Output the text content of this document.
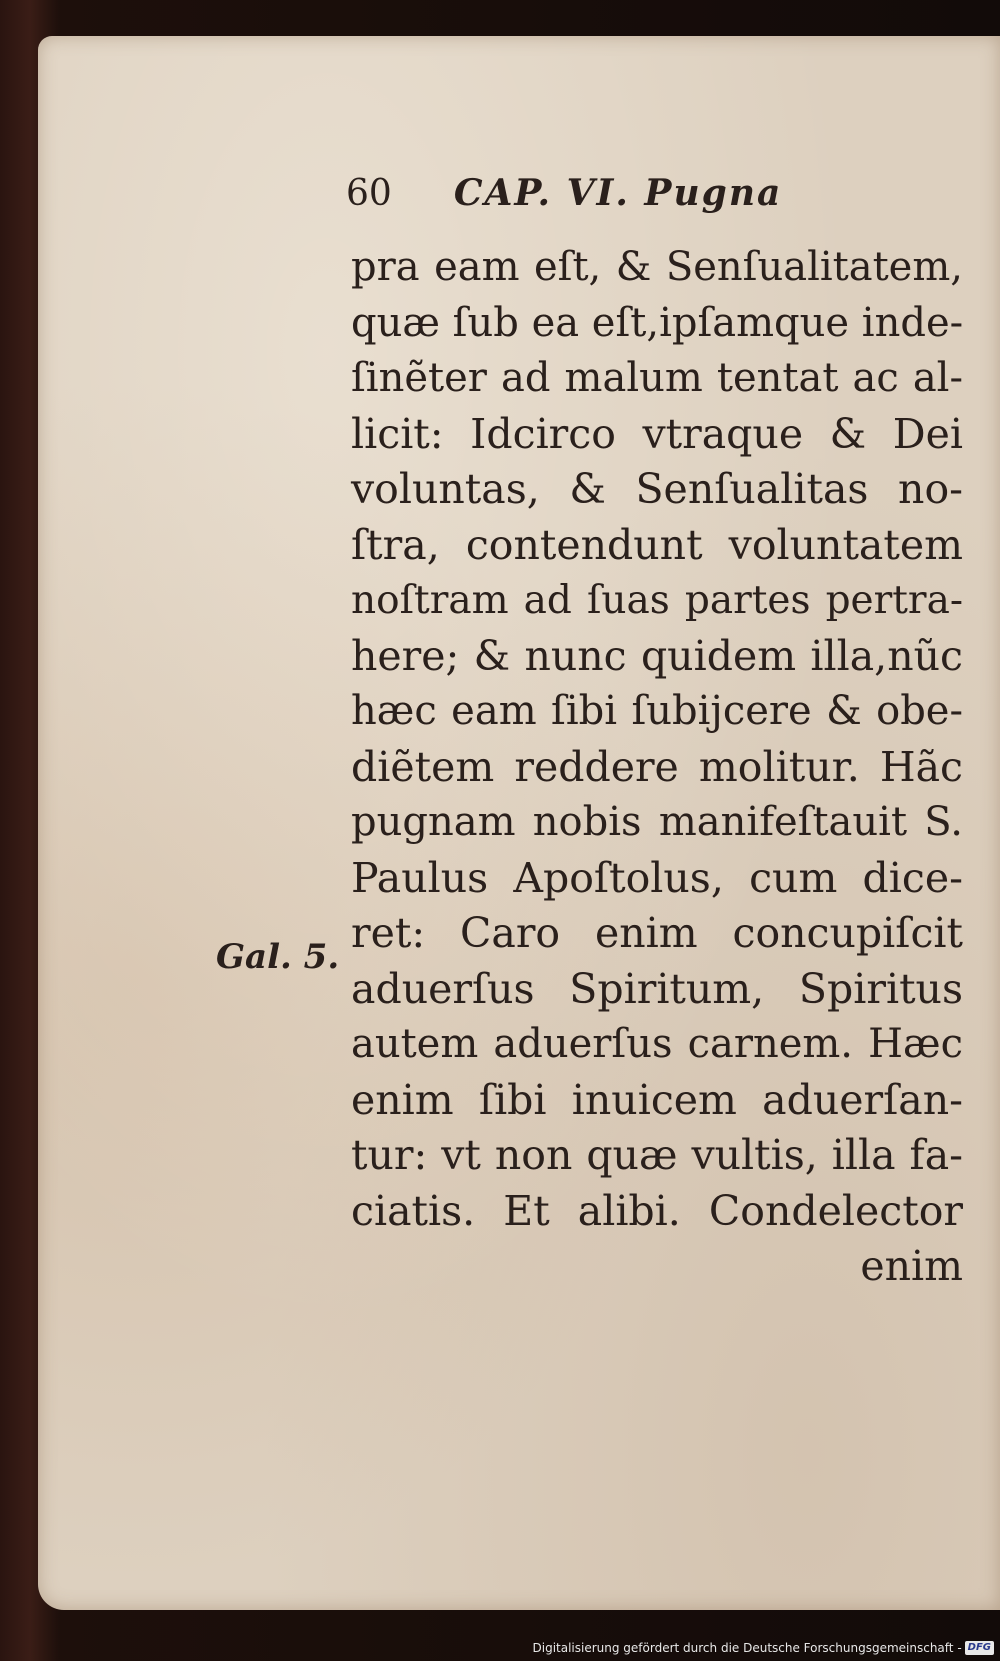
60 CAP. VI. Pugna
Gal. 5.
pra eam eſt, & Senſualitatem,
quæ ſub ea eſt,ipſamque inde-
ſinẽter ad malum tentat ac al-
licit: Idcirco vtraque & Dei
voluntas, & Senſualitas no-
ſtra, contendunt voluntatem
noſtram ad ſuas partes pertra-
here; & nunc quidem illa,nũc
hæc eam ſibi ſubijcere & obe-
diẽtem reddere molitur. Hãc
pugnam nobis manifeſtauit S.
Paulus Apoſtolus, cum dice-
ret: Caro enim concupiſcit
aduerſus Spiritum, Spiritus
autem aduerſus carnem. Hæc
enim ſibi inuicem aduerſan-
tur: vt non quæ vultis, illa fa-
ciatis. Et alibi. Condelector
enim
Digitalisierung gefördert durch die Deutsche Forschungsgemeinschaft - DFG
